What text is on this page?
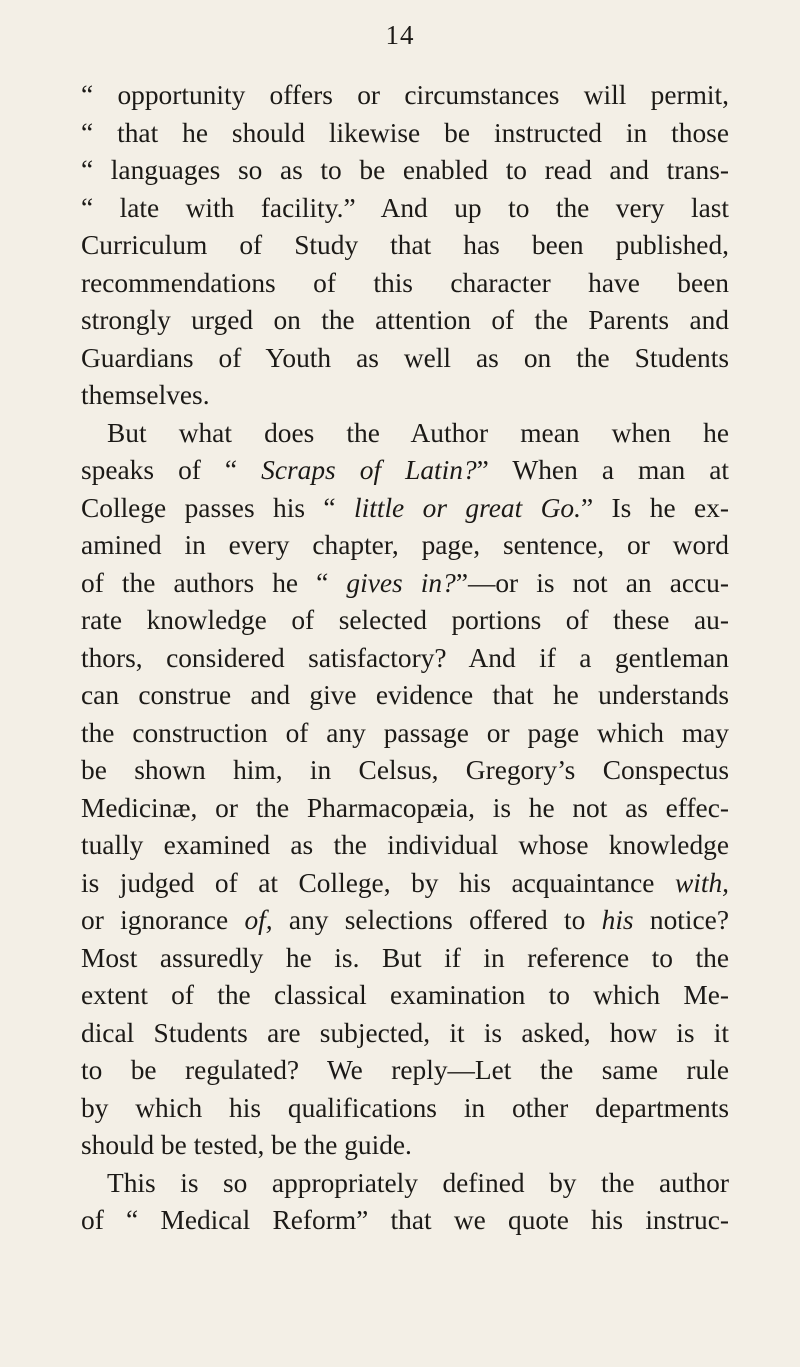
14
“ opportunity offers or circumstances will permit,
“ that he should likewise be instructed in those
“ languages so as to be enabled to read and trans-
“ late with facility.” And up to the very last
Curriculum of Study that has been published,
recommendations of this character have been
strongly urged on the attention of the Parents and
Guardians of Youth as well as on the Students
themselves.
But what does the Author mean when he
speaks of “ Scraps of Latin?” When a man at
College passes his “ little or great Go.” Is he ex-
amined in every chapter, page, sentence, or word
of the authors he “ gives in?”—or is not an accu-
rate knowledge of selected portions of these au-
thors, considered satisfactory? And if a gentleman
can construe and give evidence that he understands
the construction of any passage or page which may
be shown him, in Celsus, Gregory’s Conspectus
Medicinæ, or the Pharmacopæia, is he not as effec-
tually examined as the individual whose knowledge
is judged of at College, by his acquaintance with,
or ignorance of, any selections offered to his notice?
Most assuredly he is. But if in reference to the
extent of the classical examination to which Me-
dical Students are subjected, it is asked, how is it
to be regulated? We reply—Let the same rule
by which his qualifications in other departments
should be tested, be the guide.
This is so appropriately defined by the author
of “ Medical Reform” that we quote his instruc-
